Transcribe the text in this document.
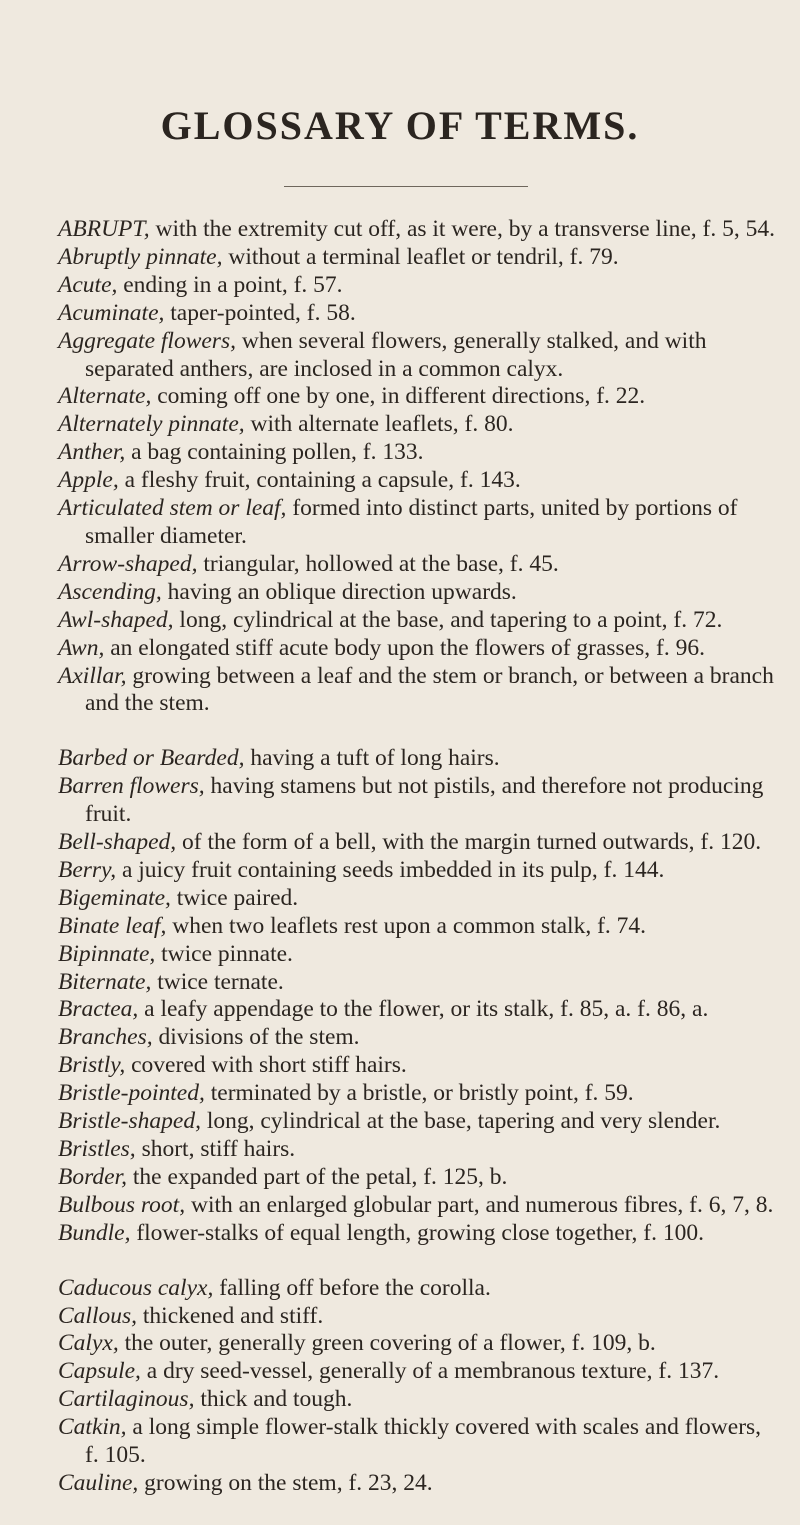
GLOSSARY OF TERMS.

ABRUPT, with the extremity cut off, as it were, by a transverse line, f. 5, 54.

Abruptly pinnate, without a terminal leaflet or tendril, f. 79.

Acute, ending in a point, f. 57.

Acuminate, taper-pointed, f. 58.

Aggregate flowers, when several flowers, generally stalked, and with separated anthers, are inclosed in a common calyx.

Alternate, coming off one by one, in different directions, f. 22.

Alternately pinnate, with alternate leaflets, f. 80.

Anther, a bag containing pollen, f. 133.

Apple, a fleshy fruit, containing a capsule, f. 143.

Articulated stem or leaf, formed into distinct parts, united by portions of smaller diameter.

Arrow-shaped, triangular, hollowed at the base, f. 45.

Ascending, having an oblique direction upwards.

Awl-shaped, long, cylindrical at the base, and tapering to a point, f. 72.

Awn, an elongated stiff acute body upon the flowers of grasses, f. 96.

Axillar, growing between a leaf and the stem or branch, or between a branch and the stem.

Barbed or Bearded, having a tuft of long hairs.

Barren flowers, having stamens but not pistils, and therefore not producing fruit.

Bell-shaped, of the form of a bell, with the margin turned outwards, f. 120.

Berry, a juicy fruit containing seeds imbedded in its pulp, f. 144.

Bigeminate, twice paired.

Binate leaf, when two leaflets rest upon a common stalk, f. 74.

Bipinnate, twice pinnate.

Biternate, twice ternate.

Bractea, a leafy appendage to the flower, or its stalk, f. 85, a. f. 86, a.

Branches, divisions of the stem.

Bristly, covered with short stiff hairs.

Bristle-pointed, terminated by a bristle, or bristly point, f. 59.

Bristle-shaped, long, cylindrical at the base, tapering and very slender.

Bristles, short, stiff hairs.

Border, the expanded part of the petal, f. 125, b.

Bulbous root, with an enlarged globular part, and numerous fibres, f. 6, 7, 8.

Bundle, flower-stalks of equal length, growing close together, f. 100.

Caducous calyx, falling off before the corolla.

Callous, thickened and stiff.

Calyx, the outer, generally green covering of a flower, f. 109, b.

Capsule, a dry seed-vessel, generally of a membranous texture, f. 137.

Cartilaginous, thick and tough.

Catkin, a long simple flower-stalk thickly covered with scales and flowers, f. 105.

Cauline, growing on the stem, f. 23, 24.
